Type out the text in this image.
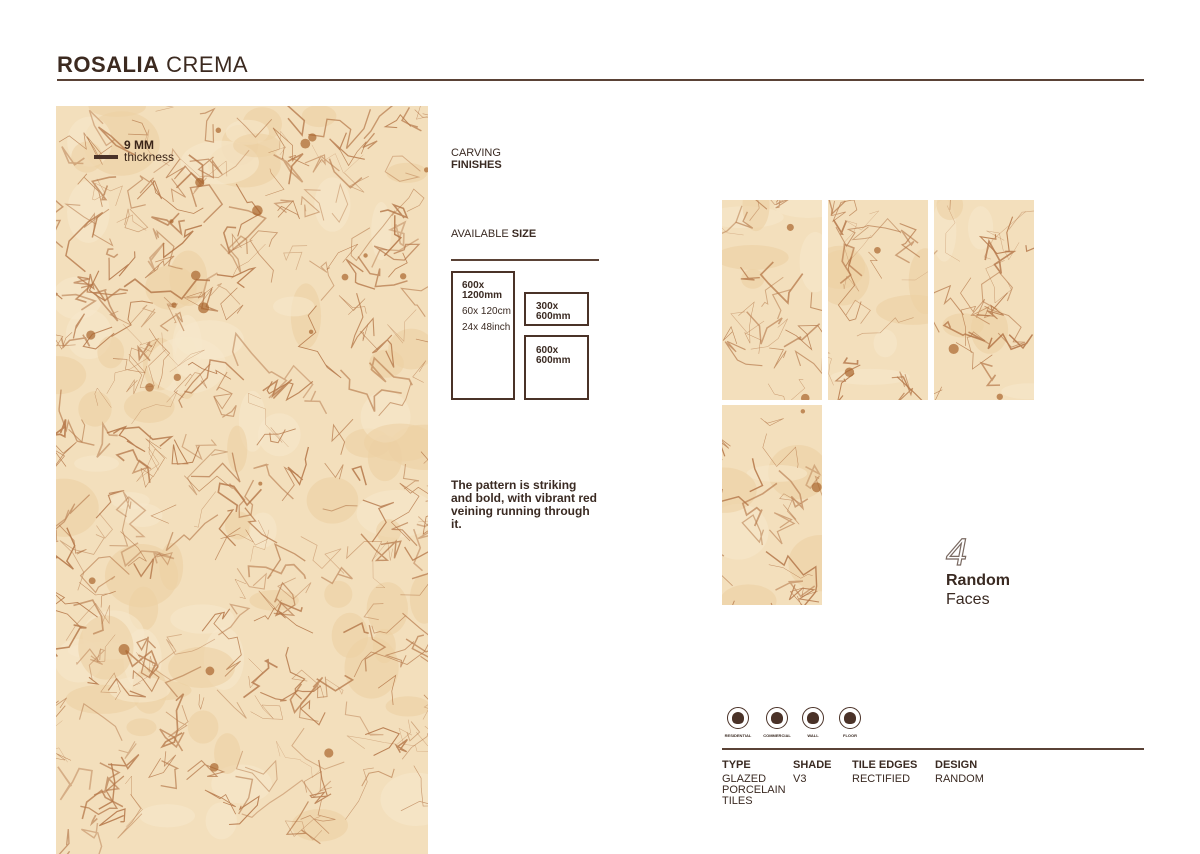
ROSALIA CREMA
9 MM
thickness	CARVING
FINISHES
AVAILABLE SIZE
600x 1200mm
60x 120cm
24x 48inch
300x 600mm
600x 600mm
The pattern is striking and bold, with vibrant red veining running through it.
4
Random
Faces
RESIDENTIAL	COMMERCIAL	WALL	FLOOR
TYPE
GLAZED PORCELAIN TILES
SHADE
V3
TILE EDGES
RECTIFIED
DESIGN
RANDOM
